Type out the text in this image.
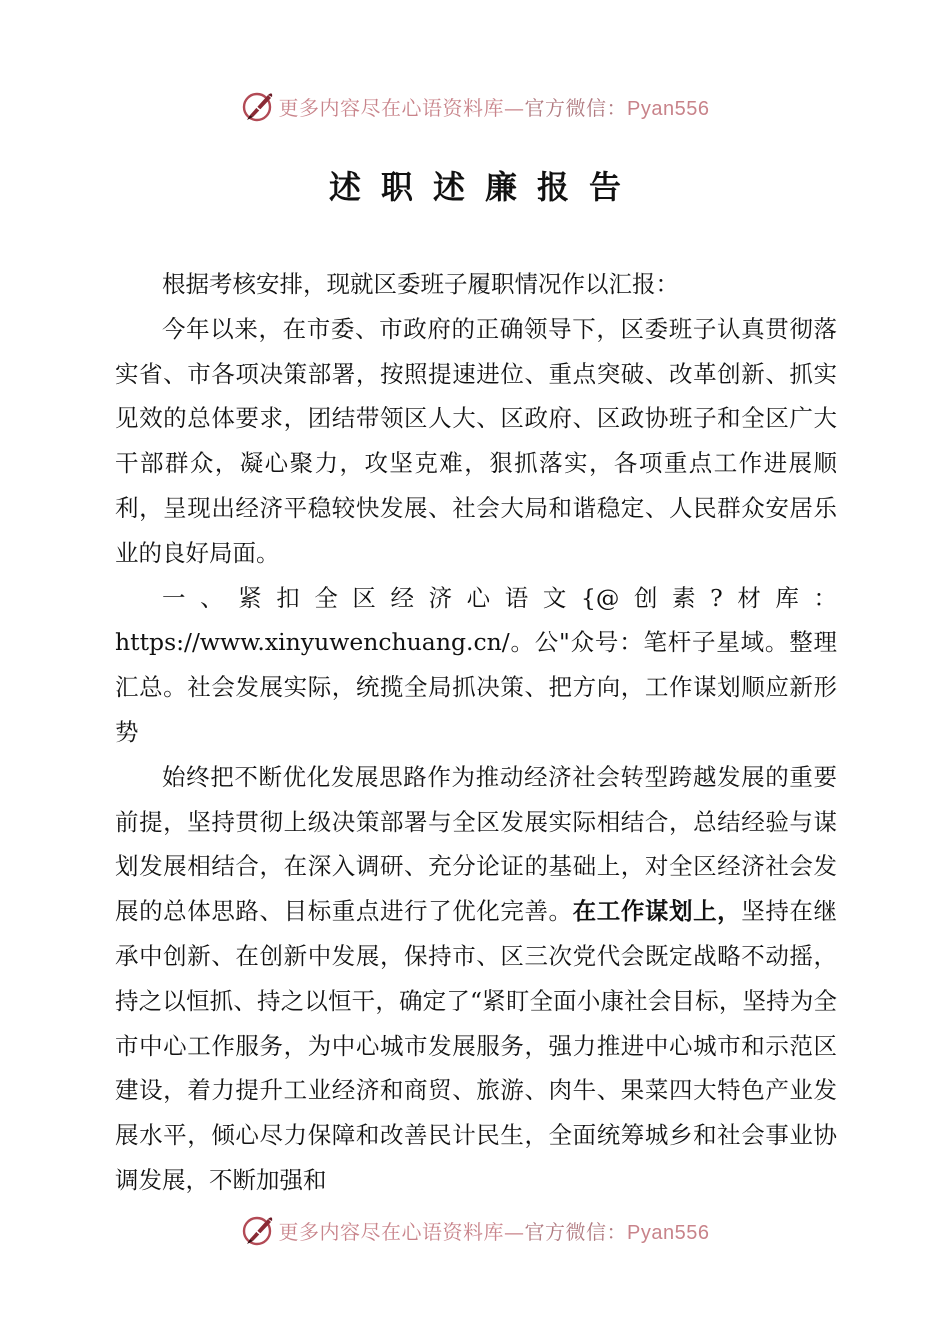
更多内容尽在心语资料库—官方微信：Pyan556
述职述廉报告

根据考核安排，现就区委班子履职情况作以汇报：

今年以来，在市委、市政府的正确领导下，区委班子认真贯彻落实省、市各项决策部署，按照提速进位、重点突破、改革创新、抓实见效的总体要求，团结带领区人大、区政府、区政协班子和全区广大干部群众，凝心聚力，攻坚克难，狠抓落实，各项重点工作进展顺利，呈现出经济平稳较快发展、社会大局和谐稳定、人民群众安居乐业的良好局面。

一、紧扣全区经济心语文{@创素?材库：https://www.xinyuwenchuang.cn/。公"众号：笔杆子星域。整理汇总。社会发展实际，统揽全局抓决策、把方向，工作谋划顺应新形势

始终把不断优化发展思路作为推动经济社会转型跨越发展的重要前提，坚持贯彻上级决策部署与全区发展实际相结合，总结经验与谋划发展相结合，在深入调研、充分论证的基础上，对全区经济社会发展的总体思路、目标重点进行了优化完善。在工作谋划上，坚持在继承中创新、在创新中发展，保持市、区三次党代会既定战略不动摇，持之以恒抓、持之以恒干，确定了“紧盯全面小康社会目标，坚持为全市中心工作服务，为中心城市发展服务，强力推进中心城市和示范区建设，着力提升工业经济和商贸、旅游、肉牛、果菜四大特色产业发展水平，倾心尽力保障和改善民计民生，全面统筹城乡和社会事业协调发展，不断加强和

更多内容尽在心语资料库—官方微信：Pyan556
